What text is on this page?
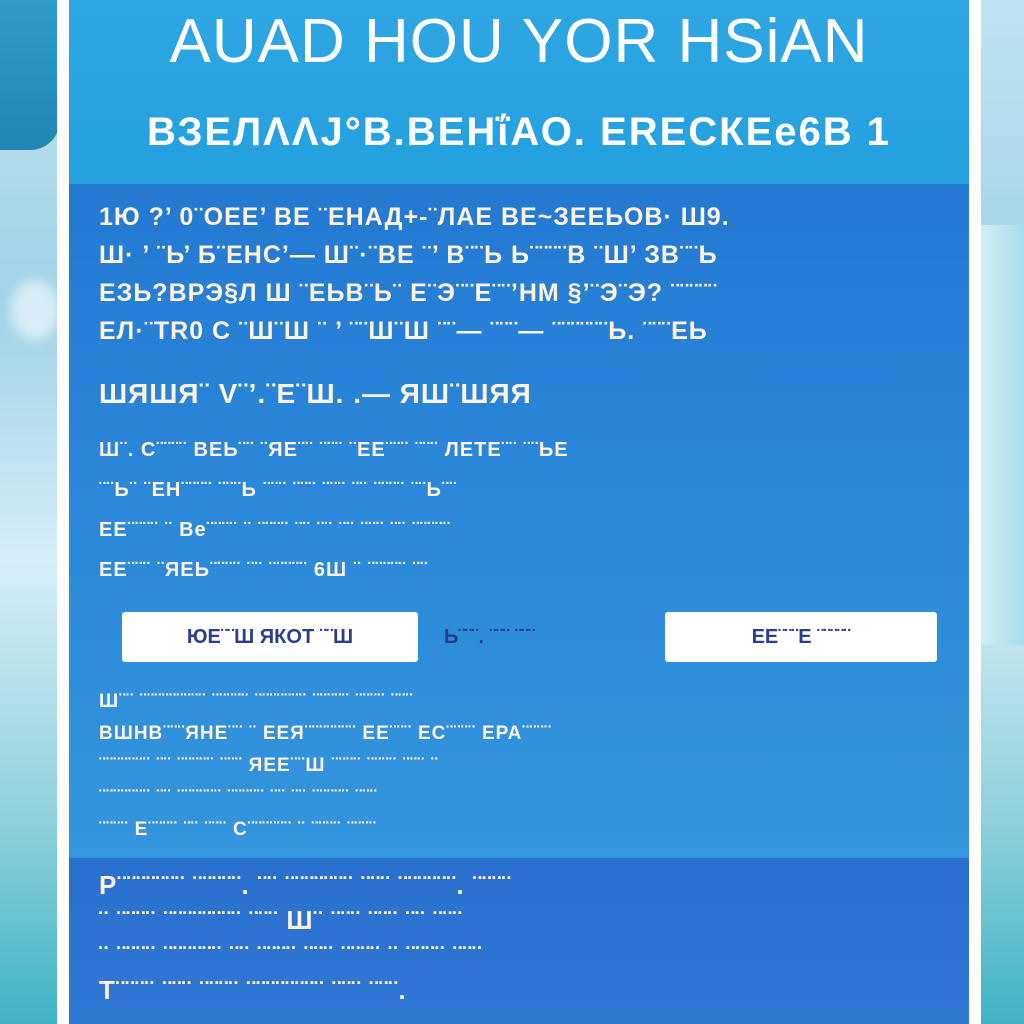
AUAD HOU YOR HSiAN
ВЗЕЛΛΛJ°В.ВЕНΐАО. ЕRЕСКЕe6В 1
1Ю ?’ 0¨ОЕЕ’ ВЕ ¨ЕНАД+-¨ЛАЕ ВЕ~ЗЕЕЬОВ· Ш9.
Ш· ’ ¨Ь’ Б¨ЕНС’— Ш¨·¨ВЕ ¨’ В¨¨Ь Ь¨¨¨¨В ¨Ш’ ЗВ¨¨Ь
ЕЗЬ?ВРЭ§Л Ш ¨ЕЬВ¨Ь¨ Е¨Э¨¨Е¨¨’НМ §’¨Э¨Э? ¨¨¨¨¨
ЕЛ·¨ТR0 С ¨Ш¨Ш ¨ ’ ¨¨Ш¨Ш ¨¨— ¨¨¨— ¨¨¨¨¨¨Ь. ¨¨¨ЕЬ
ШЯШЯ¨ V¨’.¨Е¨Ш. .— ЯШ¨ШЯЯ
Ш¨. С¨¨¨¨ ВЕЬ¨¨ ¨ЯЕ¨¨ ¨¨¨ ¨ЕЕ¨¨¨ ¨¨¨ ЛЕТЕ¨¨ ¨¨ЬЕ
¨¨Ь¨ ¨ЕН¨¨¨¨ ¨¨¨Ь ¨¨¨ ¨¨¨ ¨¨¨ ¨¨ ¨¨¨¨ ¨¨Ь¨¨
ЕЕ¨¨¨¨ ¨ Ве¨¨¨¨ ¨ ¨¨¨¨ ¨¨ ¨¨ ¨¨ ¨¨¨ ¨¨ ¨¨¨¨¨
ЕЕ¨¨¨ ¨ЯЕЬ¨¨¨¨ ¨¨ ¨¨¨¨¨ 6Ш ¨ ¨¨¨¨¨ ¨¨
ЮЕ¨¨Ш ЯКОТ ¨¨Ш	Ь¨¨¨. ¨¨¨ ¨¨¨	ЕЕ¨¨¨Е ¨¨¨¨¨
Ш¨¨ ¨¨¨¨¨¨¨¨¨ ¨¨¨¨¨ ¨¨¨¨¨¨¨ ¨¨¨¨¨ ¨¨¨¨ ¨¨¨
ВШНВ¨¨¨ЯНЕ¨¨ ¨ ЕЕЯ¨¨¨¨¨¨¨ ЕЕ¨¨¨ ЕС¨¨¨¨ ЕРА¨¨¨¨
¨¨¨¨¨¨¨ ¨¨ ¨¨¨¨¨ ¨¨¨ ЯЕЕ¨¨Ш ¨¨¨¨ ¨¨¨¨ ¨¨¨ ¨
¨¨¨¨¨¨¨ ¨¨ ¨¨¨¨¨¨ ¨¨¨¨¨ ¨¨ ¨¨ ¨¨¨¨¨ ¨¨¨
¨¨¨¨ Е¨¨¨¨ ¨¨ ¨¨¨ С¨¨¨¨¨¨ ¨ ¨¨¨¨ ¨¨¨¨
Р¨¨¨¨¨¨¨ ¨¨¨¨¨. ¨¨ ¨¨¨¨¨¨¨ ¨¨¨ ¨¨¨¨¨¨. ¨¨¨¨
¨ ¨¨¨¨ ¨¨¨¨¨¨¨¨ ¨¨¨ Ш¨ ¨¨¨ ¨¨¨ ¨¨ ¨¨¨
¨ ¨¨¨¨ ¨¨¨¨¨¨ ¨¨ ¨¨¨¨ ¨¨¨ ¨¨¨¨ ¨ ¨¨¨¨ ¨¨¨
Т¨¨¨¨ ¨¨¨ ¨¨¨¨ ¨¨¨¨¨¨¨¨ ¨¨¨ ¨¨¨.
